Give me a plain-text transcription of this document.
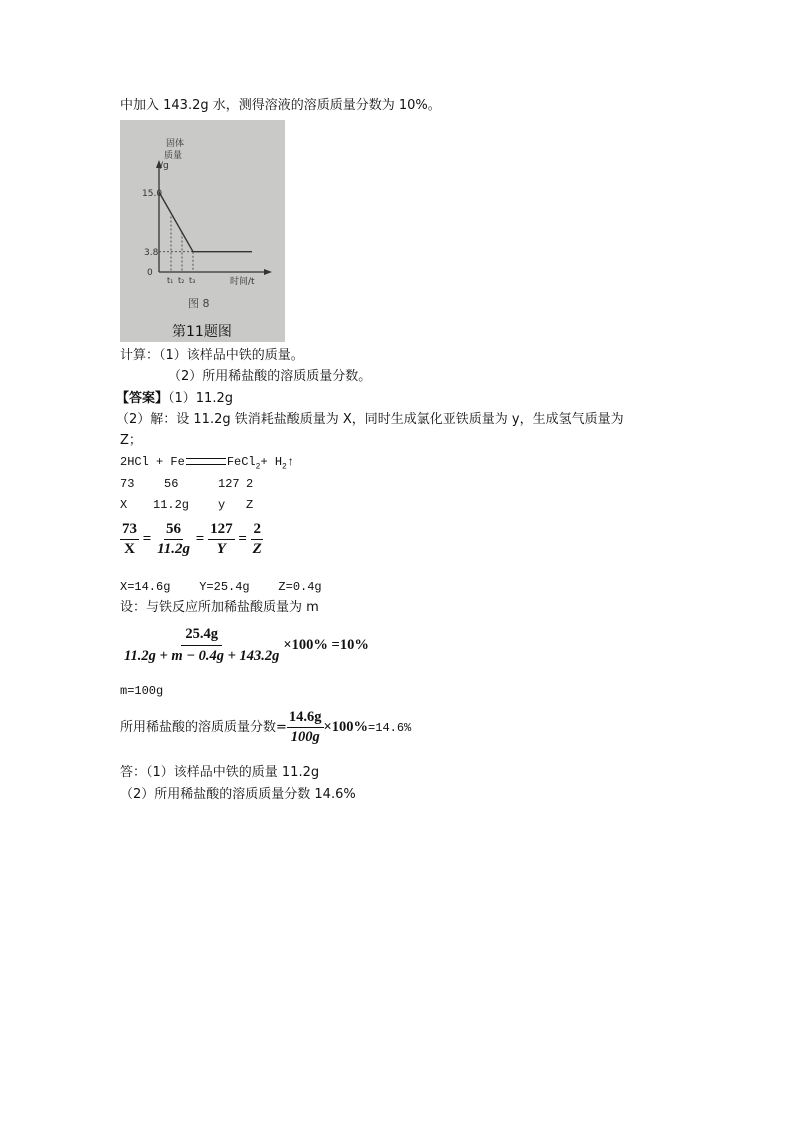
中加入 143.2g 水，测得溶液的溶质质量分数为 10%。
固体
质量
/g
15.0
3.8
0
t₁ t₂ t₃	时间/t
图 8
第11题图
计算：（1）该样品中铁的质量。
（2）所用稀盐酸的溶质质量分数。
【答案】（1）11.2g
（2）解：设 11.2g 铁消耗盐酸质量为 X，同时生成氯化亚铁质量为 y，生成氢气质量为
Z；
2HCl + Fe	FeCl$_2$+ $H_2↑$
73 56	127 2
X 11.2g y Z
$\frac{73}{X} = \frac{56}{11.2g} = \frac{127}{Y} = \frac{2}{Z}$
X=14.6g    Y=25.4g    Z=0.4g
设：与铁反应所加稀盐酸质量为 m
$\frac{25.4g}{11.2g + m - 0.4g + 143.2g} \times 100\% =10\%$
m=100g
所用稀盐酸的溶质质量分数= $\frac{14.6g}{100g} \times 100\% =14.6\%$
答：（1）该样品中铁的质量 11.2g
（2）所用稀盐酸的溶质质量分数 14.6%
